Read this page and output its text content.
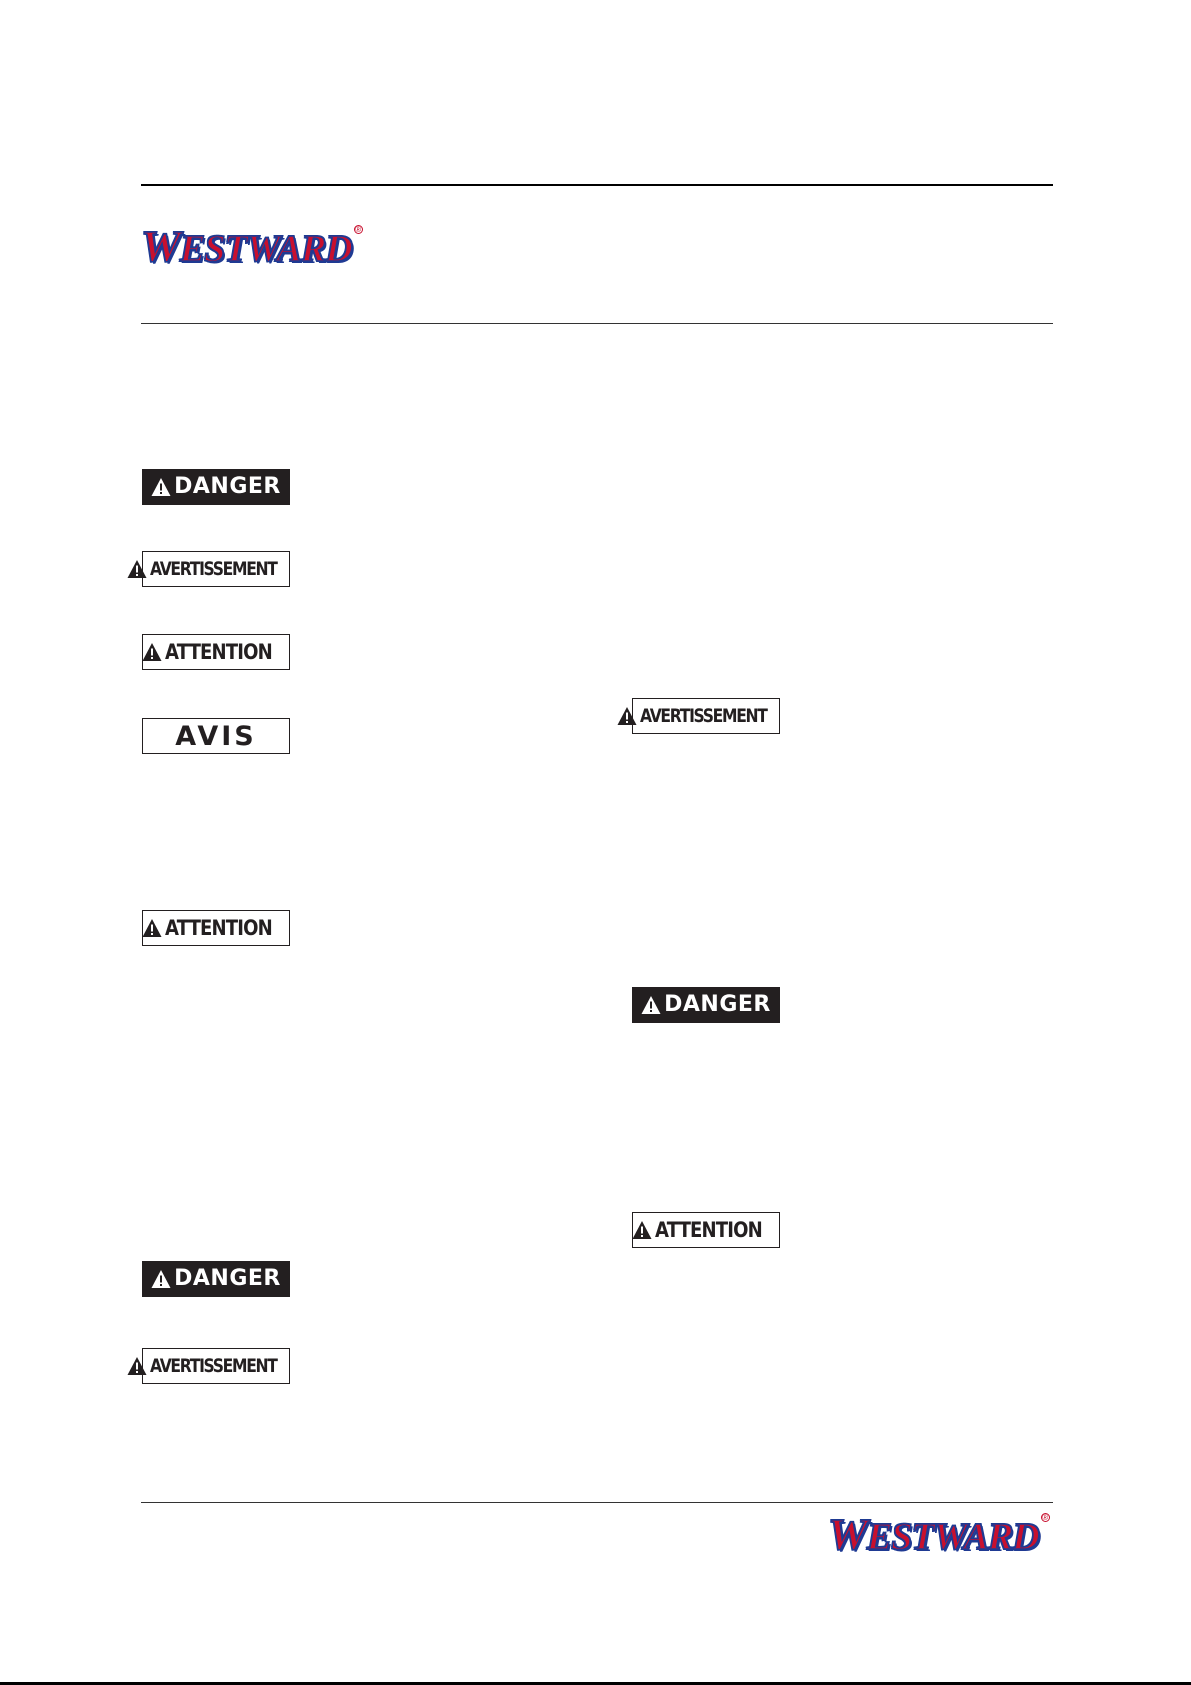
WESTWARD ®
DANGER
AVERTISSEMENT
ATTENTION
AVIS
ATTENTION
DANGER
AVERTISSEMENT
AVERTISSEMENT
DANGER
ATTENTION
WESTWARD ®
